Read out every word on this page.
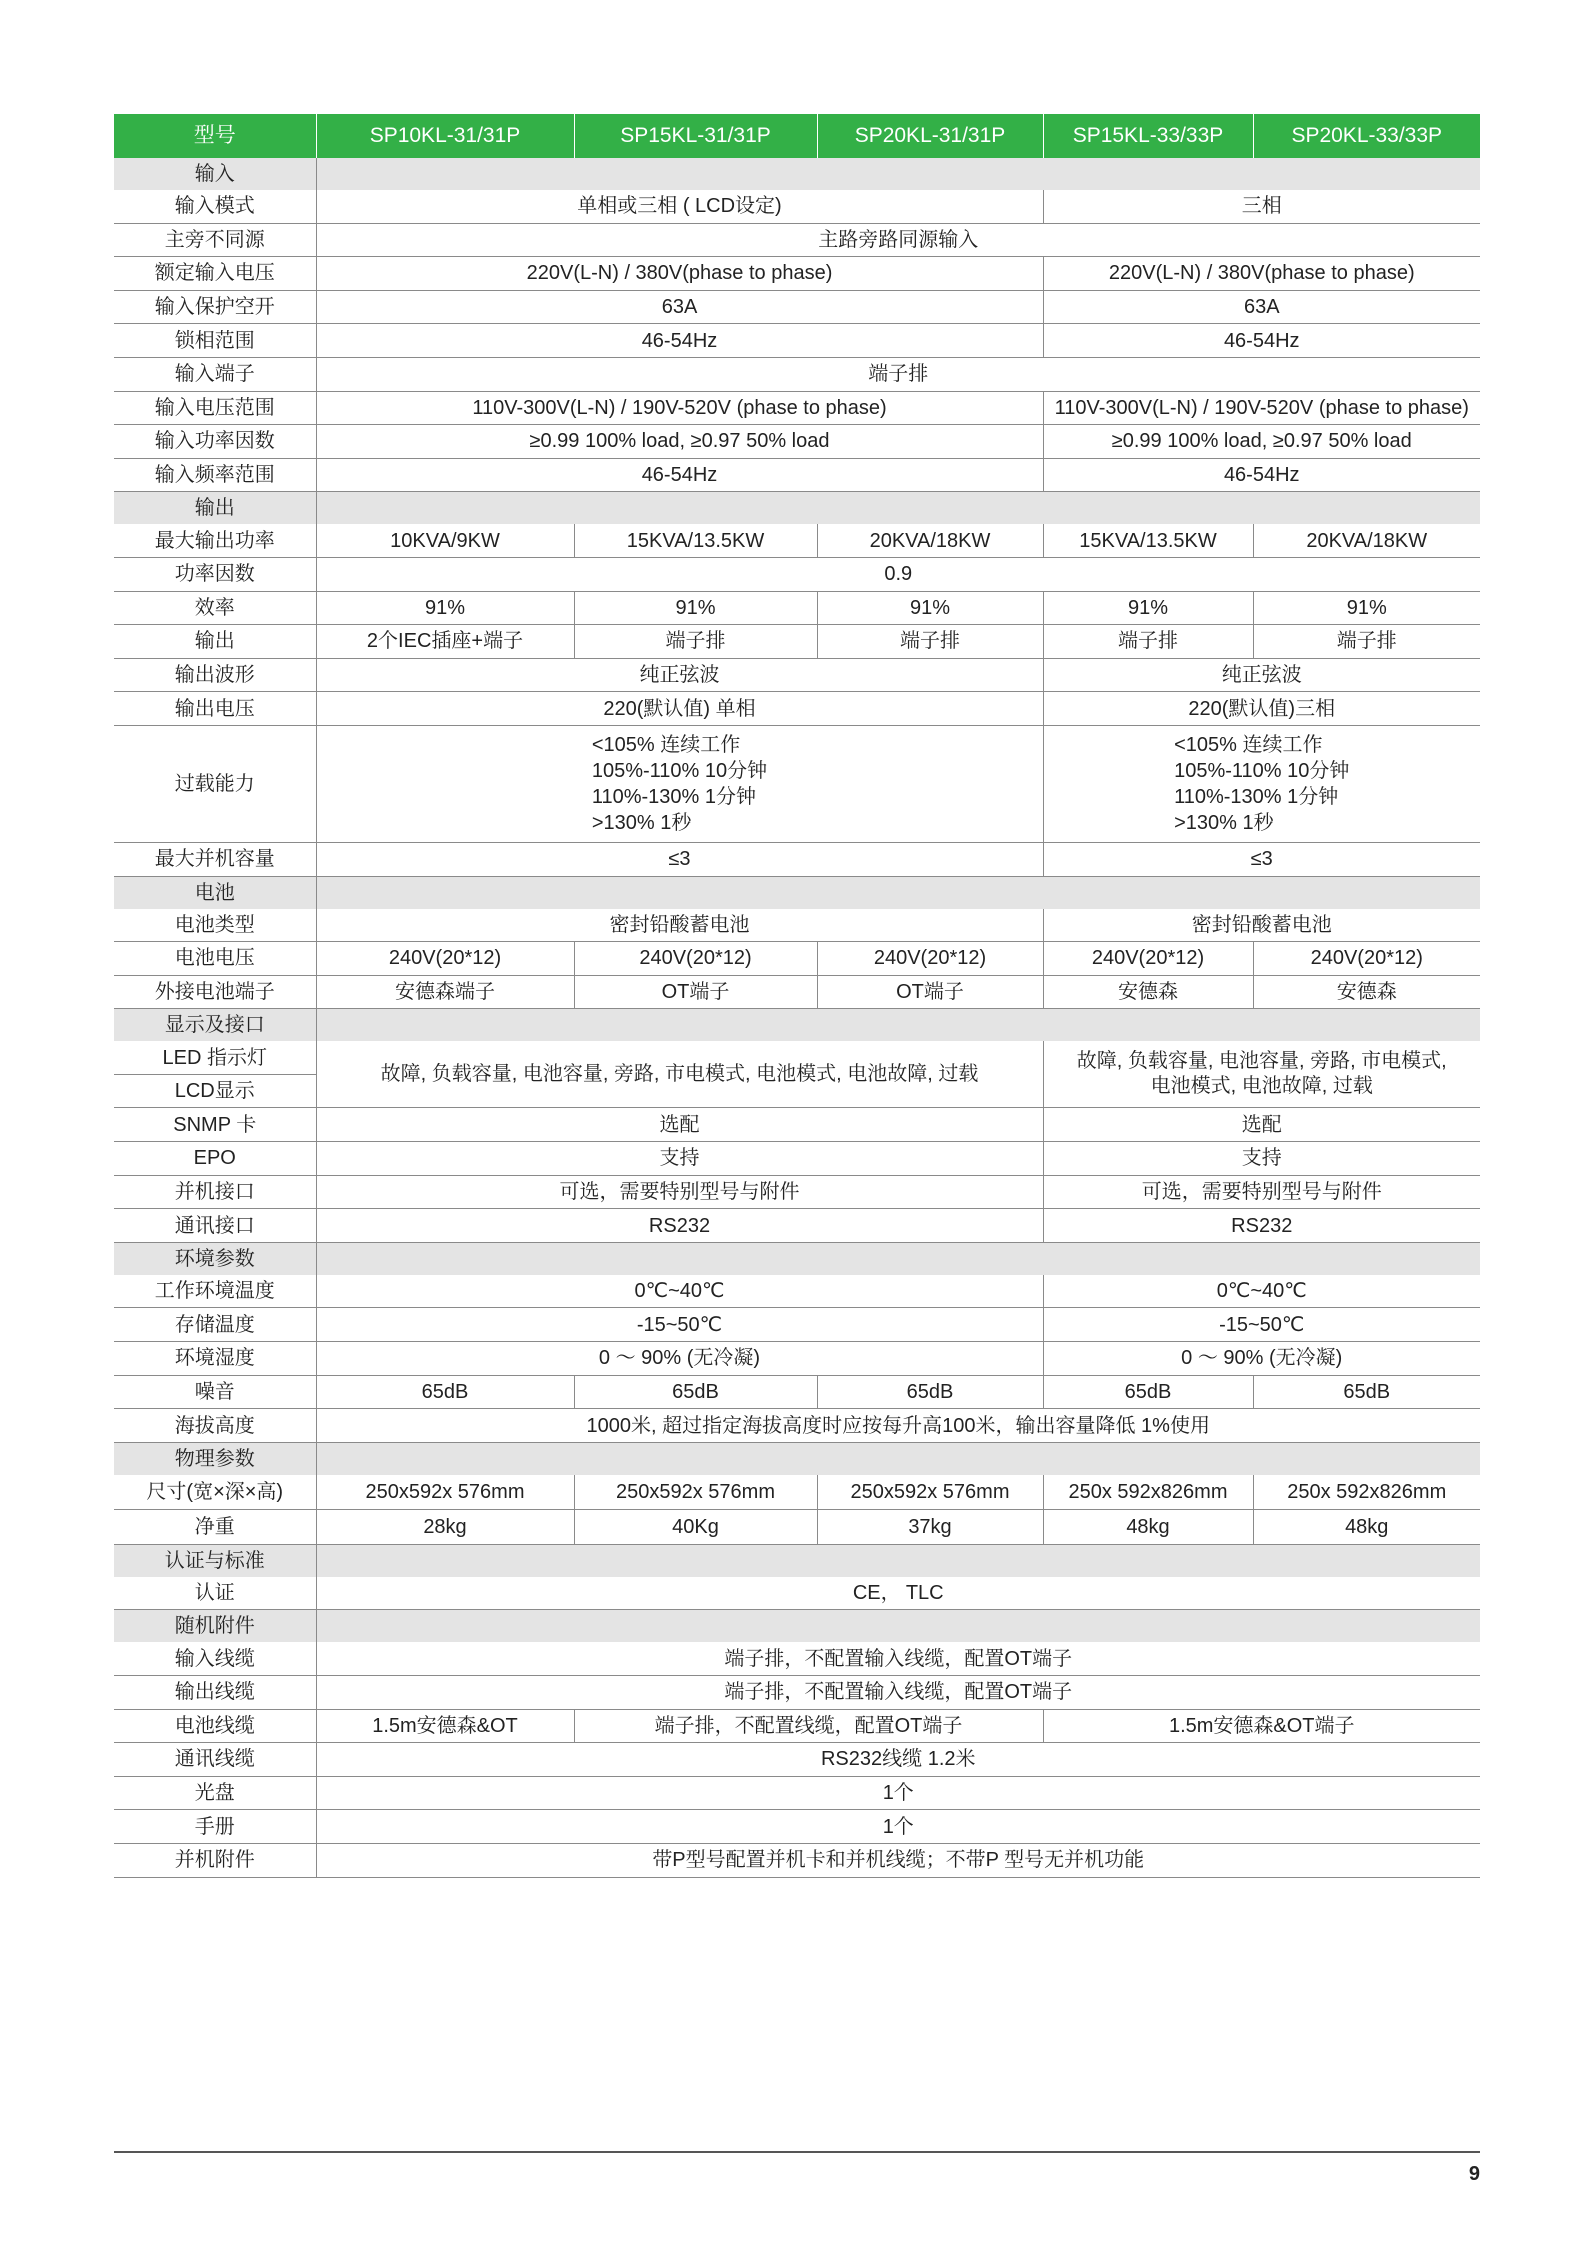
型号	SP10KL-31/31P	SP15KL-31/31P	SP20KL-31/31P	SP15KL-33/33P	SP20KL-33/33P
输入					
输入模式	单相或三相 ( LCD设定)			三相	
主旁不同源	主路旁路同源输入				
额定输入电压	220V(L-N) / 380V(phase to phase)			220V(L-N) / 380V(phase to phase)	
输入保护空开	63A			63A	
锁相范围	46-54Hz			46-54Hz	
输入端子	端子排				
输入电压范围	110V-300V(L-N) / 190V-520V (phase to phase)			110V-300V(L-N) / 190V-520V (phase to phase)	
输入功率因数	≥0.99 100% load, ≥0.97 50% load			≥0.99 100% load, ≥0.97 50% load	
输入频率范围	46-54Hz			46-54Hz	
输出					
最大输出功率	10KVA/9KW	15KVA/13.5KW	20KVA/18KW	15KVA/13.5KW	20KVA/18KW
功率因数	0.9				
效率	91%	91%	91%	91%	91%
输出	2个IEC插座+端子	端子排	端子排	端子排	端子排
输出波形	纯正弦波			纯正弦波	
输出电压	220(默认值) 单相			220(默认值)三相	
过载能力	<105% 连续工作
105%-110% 10分钟
110%-130% 1分钟
>130% 1秒			<105% 连续工作
105%-110% 10分钟
110%-130% 1分钟
>130% 1秒	
最大并机容量	≤3			≤3	
电池					
电池类型	密封铅酸蓄电池			密封铅酸蓄电池	
电池电压	240V(20*12)	240V(20*12)	240V(20*12)	240V(20*12)	240V(20*12)
外接电池端子	安德森端子	OT端子	OT端子	安德森	安德森
显示及接口					
LED 指示灯	故障, 负载容量, 电池容量, 旁路, 市电模式, 电池模式, 电池故障, 过载			故障, 负载容量, 电池容量, 旁路, 市电模式,
电池模式, 电池故障, 过载	
LCD显示					
SNMP 卡	选配			选配	
EPO	支持			支持	
并机接口	可选，需要特别型号与附件			可选，需要特别型号与附件	
通讯接口	RS232			RS232	
环境参数					
工作环境温度	0℃~40℃			0℃~40℃	
存储温度	-15~50℃			-15~50℃	
环境湿度	0 ～ 90% (无冷凝)			0 ～ 90% (无冷凝)	
噪音	65dB	65dB	65dB	65dB	65dB
海拔高度	1000米, 超过指定海拔高度时应按每升高100米，输出容量降低 1%使用				
物理参数					
尺寸(宽×深×高)	250x592x 576mm	250x592x 576mm	250x592x 576mm	250x 592x826mm	250x 592x826mm
净重	28kg	40Kg	37kg	48kg	48kg
认证与标准					
认证	CE， TLC				
随机附件					
输入线缆	端子排，不配置输入线缆，配置OT端子				
输出线缆	端子排，不配置输入线缆，配置OT端子				
电池线缆	1.5m安德森&OT	端子排，不配置线缆，配置OT端子		1.5m安德森&OT端子	
通讯线缆	RS232线缆 1.2米				
光盘	1个				
手册	1个				
并机附件	带P型号配置并机卡和并机线缆；不带P 型号无并机功能				
9
